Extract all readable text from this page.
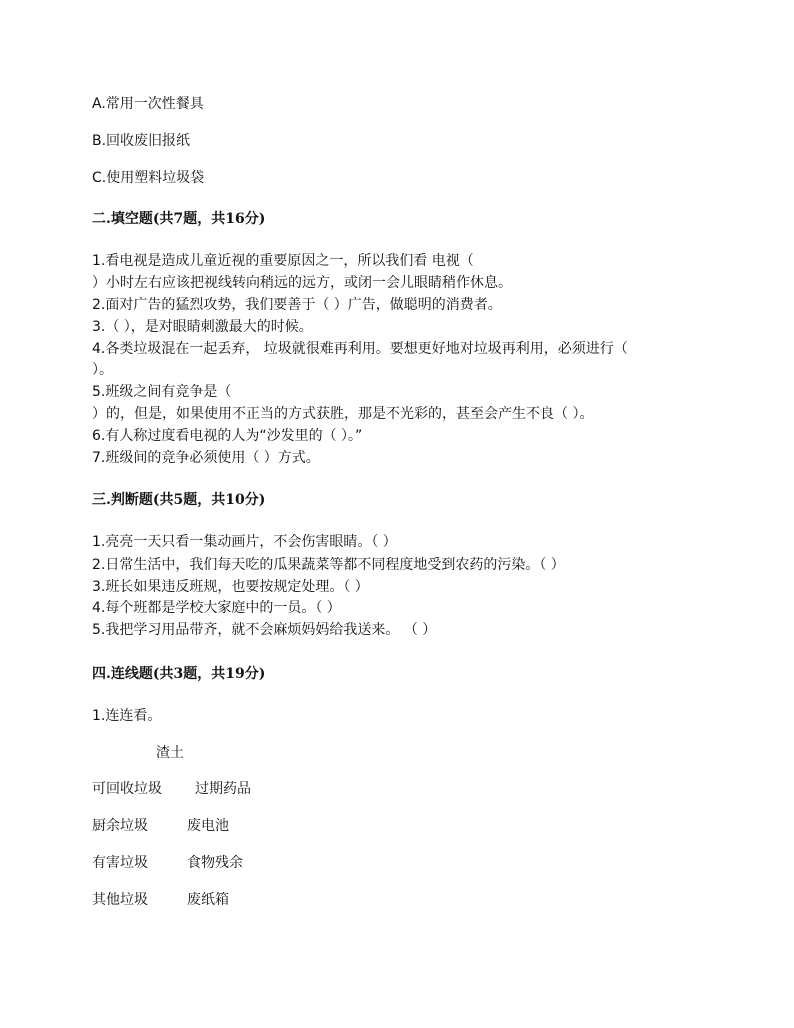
A.常用一次性餐具
B.回收废旧报纸
C.使用塑料垃圾袋
二.填空题(共7题，共16分)
1.看电视是造成儿童近视的重要原因之一，所以我们看 电视（
）小时左右应该把视线转向稍远的远方，或闭一会儿眼睛稍作休息。
2.面对广告的猛烈攻势，我们要善于（ ）广告，做聪明的消费者。
3.（ ），是对眼睛刺激最大的时候。
4.各类垃圾混在一起丢弃， 垃圾就很难再利用。要想更好地对垃圾再利用，必须进行（
）。
5.班级之间有竞争是（
）的，但是，如果使用不正当的方式获胜，那是不光彩的，甚至会产生不良（ ）。
6.有人称过度看电视的人为“沙发里的（ ）。”
7.班级间的竞争必须使用（ ）方式。
三.判断题(共5题，共10分)
1.亮亮一天只看一集动画片，不会伤害眼睛。（ ）
2.日常生活中，我们每天吃的瓜果蔬菜等都不同程度地受到农药的污染。（ ）
3.班长如果违反班规，也要按规定处理。（ ）
4.每个班都是学校大家庭中的一员。（ ）
5.我把学习用品带齐，就不会麻烦妈妈给我送来。 （ ）
四.连线题(共3题，共19分)
1.连连看。
渣土
可回收垃圾 过期药品
厨余垃圾	废电池
有害垃圾	食物残余
其他垃圾	废纸箱
